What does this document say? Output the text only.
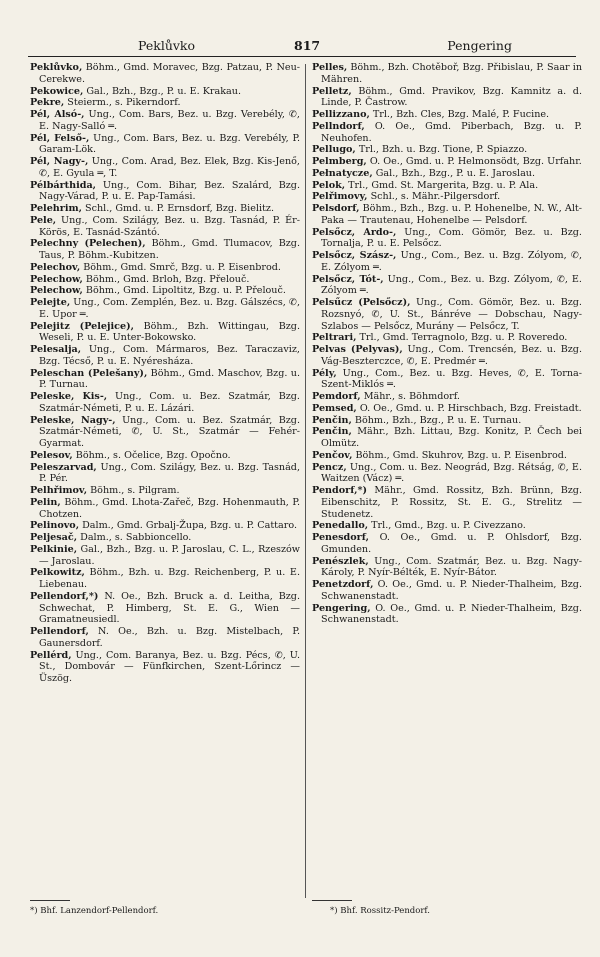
Peklůvko	817	Pengering

Peklůvko, Böhm., Gmd. Moravec, Bzg. Patzau, P. Neu-Cerekwe.

Pekowice, Gal., Bzh., Bzg., P. u. E. Krakau.

Pekre, Steierm., s. Pikerndorf.

Pél, Alsó-, Ung., Com. Bars, Bez. u. Bzg. Verebély, ✆, E. Nagy-Salló ═.

Pél, Felső-, Ung., Com. Bars, Bez. u. Bzg. Verebély, P. Garam-Lök.

Pél, Nagy-, Ung., Com. Arad, Bez. Elek, Bzg. Kis-Jenő, ✆, E. Gyula ═, T.

Pélbárthida, Ung., Com. Bihar, Bez. Szalárd, Bzg. Nagy-Várad, P. u. E. Pap-Tamási.

Pelehrim, Schl., Gmd. u. P. Ernsdorf, Bzg. Bielitz.

Pele, Ung., Com. Szilágy, Bez. u. Bzg. Tasnád, P. Ér-Körös, E. Tasnád-Szántó.

Pelechny (Pelechen), Böhm., Gmd. Tlumacov, Bzg. Taus, P. Böhm.-Kubitzen.

Pelechov, Böhm., Gmd. Smrč, Bzg. u. P. Eisenbrod.

Pelechow, Böhm., Gmd. Brloh, Bzg. Přelouč.

Pelechow, Böhm., Gmd. Lipoltitz, Bzg. u. P. Přelouč.

Pelejte, Ung., Com. Zemplén, Bez. u. Bzg. Gálszécs, ✆, E. Upor ═.

Pelejitz (Pelejice), Böhm., Bzh. Wittingau, Bzg. Weseli, P. u. E. Unter-Bokowsko.

Pelesalja, Ung., Com. Mármaros, Bez. Taraczaviz, Bzg. Técső, P. u. E. Nyéresháza.

Peleschan (Pelešany), Böhm., Gmd. Maschov, Bzg. u. P. Turnau.

Peleske, Kis-, Ung., Com. u. Bez. Szatmár, Bzg. Szatmár-Németi, P. u. E. Lázári.

Peleske, Nagy-, Ung., Com. u. Bez. Szatmár, Bzg. Szatmár-Németi, ✆, U. St., Szatmár — Fehér-Gyarmat.

Pelesov, Böhm., s. Očelice, Bzg. Opočno.

Peleszarvad, Ung., Com. Szilágy, Bez. u. Bzg. Tasnád, P. Pér.

Pelhřimov, Böhm., s. Pilgram.

Pelin, Böhm., Gmd. Lhota-Zařeč, Bzg. Hohenmauth, P. Chotzen.

Pelinovo, Dalm., Gmd. Grbalj-Župa, Bzg. u. P. Cattaro.

Peljesač, Dalm., s. Sabbioncello.

Pelkinie, Gal., Bzh., Bzg. u. P. Jaroslau, C. L., Rzeszów — Jaroslau.

Pelkowitz, Böhm., Bzh. u. Bzg. Reichenberg, P. u. E. Liebenau.

Pellendorf,*) N. Oe., Bzh. Bruck a. d. Leitha, Bzg. Schwechat, P. Himberg, St. E. G., Wien — Gramatneusiedl.

Pellendorf, N. Oe., Bzh. u. Bzg. Mistelbach, P. Gaunersdorf.

Pellérd, Ung., Com. Baranya, Bez. u. Bzg. Pécs, ✆, U. St., Dombovár — Fünfkirchen, Szent-Lőrincz — Üszög.

Pelles, Böhm., Bzh. Chotěboř, Bzg. Přibislau, P. Saar in Mähren.

Pelletz, Böhm., Gmd. Pravikov, Bzg. Kamnitz a. d. Linde, P. Častrow.

Pellizzano, Trl., Bzh. Cles, Bzg. Malé, P. Fucine.

Pellndorf, O. Oe., Gmd. Piberbach, Bzg. u. P. Neuhofen.

Pellugo, Trl., Bzh. u. Bzg. Tione, P. Spiazzo.

Pelmberg, O. Oe., Gmd. u. P. Helmonsödt, Bzg. Urfahr.

Pełnatycze, Gal., Bzh., Bzg., P. u. E. Jaroslau.

Pelok, Trl., Gmd. St. Margerita, Bzg. u. P. Ala.

Pelřimovy, Schl., s. Mähr.-Pilgersdorf.

Pelsdorf, Böhm., Bzh., Bzg. u. P. Hohenelbe, N. W., Alt-Paka — Trautenau, Hohenelbe — Pelsdorf.

Pelsőcz, Ardo-, Ung., Com. Gömör, Bez. u. Bzg. Tornalja, P. u. E. Pelsőcz.

Pelsőcz, Szász-, Ung., Com., Bez. u. Bzg. Zólyom, ✆, E. Zólyom ═.

Pelsőcz, Tót-, Ung., Com., Bez. u. Bzg. Zólyom, ✆, E. Zólyom ═.

Pelsűcz (Pelsőcz), Ung., Com. Gömör, Bez. u. Bzg. Rozsnyó, ✆, U. St., Bánréve — Dobschau, Nagy-Szlabos — Pelsőcz, Murány — Pelsőcz, T.

Peltrari, Trl., Gmd. Terragnolo, Bzg. u. P. Roveredo.

Pelvas (Pelyvas), Ung., Com. Trencsén, Bez. u. Bzg. Vág-Beszterczce, ✆, E. Predmér ═.

Pély, Ung., Com., Bez. u. Bzg. Heves, ✆, E. Torna-Szent-Miklós ═.

Pemdorf, Mähr., s. Böhmdorf.

Pemsed, O. Oe., Gmd. u. P. Hirschbach, Bzg. Freistadt.

Penčin, Böhm., Bzh., Bzg., P. u. E. Turnau.

Penčin, Mähr., Bzh. Littau, Bzg. Konitz, P. Čech bei Olmütz.

Penčov, Böhm., Gmd. Skuhrov, Bzg. u. P. Eisenbrod.

Pencz, Ung., Com. u. Bez. Neográd, Bzg. Rétság, ✆, E. Waitzen (Vácz) ═.

Pendorf,*) Mähr., Gmd. Rossitz, Bzh. Brünn, Bzg. Eibenschitz, P. Rossitz, St. E. G., Strelitz — Studenetz.

Penedallo, Trl., Gmd., Bzg. u. P. Civezzano.

Penesdorf, O. Oe., Gmd. u. P. Ohlsdorf, Bzg. Gmunden.

Penészlek, Ung., Com. Szatmár, Bez. u. Bzg. Nagy-Károly, P. Nyír-Bélték, E. Nyír-Bátor.

Penetzdorf, O. Oe., Gmd. u. P. Nieder-Thalheim, Bzg. Schwanenstadt.

Pengering, O. Oe., Gmd. u. P. Nieder-Thalheim, Bzg. Schwanenstadt.

*) Bhf. Lanzendorf-Pellendorf.	*) Bhf. Rossitz-Pendorf.
